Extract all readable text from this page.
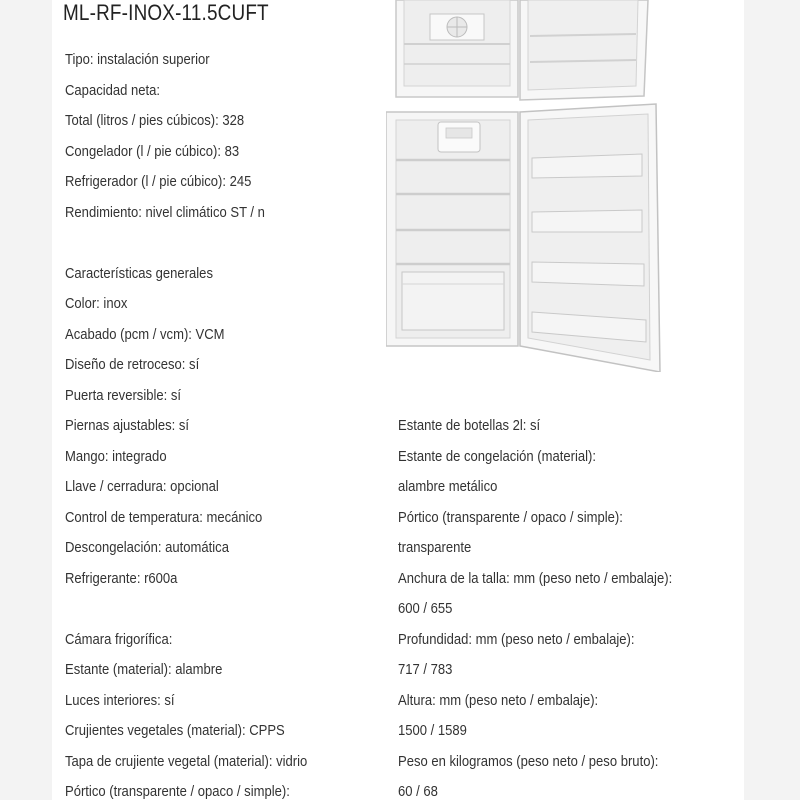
ML-RF-INOX-11.5CUFT
Tipo: instalación superior
Capacidad neta:
Total (litros / pies cúbicos): 328
Congelador (l / pie cúbico): 83
Refrigerador (l / pie cúbico): 245
Rendimiento: nivel climático ST / n
Características generales
Color: inox
Acabado (pcm / vcm): VCM
Diseño de retroceso: sí
Puerta reversible: sí
Piernas ajustables: sí
Mango: integrado
Llave / cerradura: opcional
Control de temperatura: mecánico
Descongelación: automática
Refrigerante: r600a
Cámara frigorífica:
Estante (material): alambre
Luces interiores: sí
Crujientes vegetales (material): CPPS
Tapa de crujiente vegetal (material): vidrio
Pórtico (transparente / opaco / simple):
Estante de botellas 2l: sí
Estante de congelación (material):
alambre metálico
Pórtico (transparente / opaco / simple):
transparente
Anchura de la talla: mm (peso neto / embalaje):
600 / 655
Profundidad: mm (peso neto / embalaje):
717 / 783
Altura: mm (peso neto / embalaje):
1500 / 1589
Peso en kilogramos (peso neto / peso bruto):
60 / 68
